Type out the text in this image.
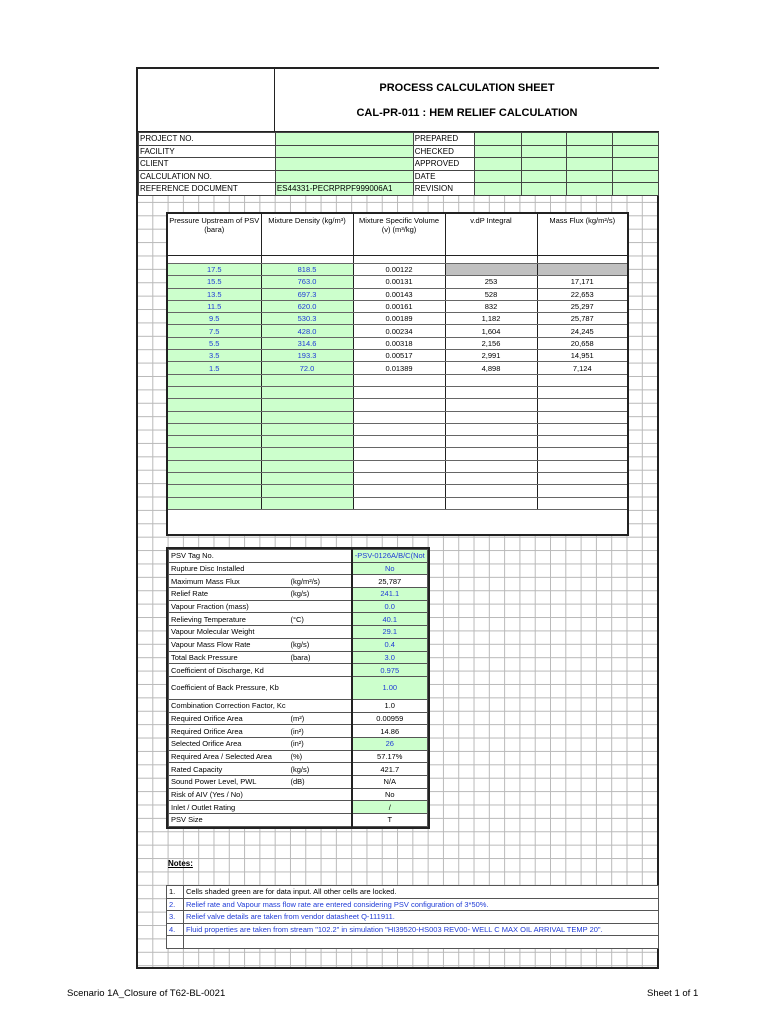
PROCESS CALCULATION SHEET
CAL-PR-011 : HEM RELIEF CALCULATION
PROJECT NO.		PREPARED				
FACILITY		CHECKED				
CLIENT		APPROVED				
CALCULATION NO.		DATE				
REFERENCE DOCUMENT	ES44331-PECRPRPF999006A1	REVISION				
Pressure Upstream of PSV (bara)	Mixture Density (kg/m³)	Mixture Specific Volume (v) (m³/kg)	v.dP Integral	Mass Flux (kg/m²/s)

17.5	818.5	0.00122		
15.5	763.0	0.00131	253	17,171
13.5	697.3	0.00143	528	22,653
11.5	620.0	0.00161	832	25,297
9.5	530.3	0.00189	1,182	25,787
7.5	428.0	0.00234	1,604	24,245
5.5	314.6	0.00318	2,156	20,658
3.5	193.3	0.00517	2,991	14,951
1.5	72.0	0.01389	4,898	7,124

PSV Tag No.		-PSV-0126A/B/C(Not
Rupture Disc Installed		No
Maximum Mass Flux	(kg/m²/s)	25,787
Relief Rate	(kg/s)	241.1
Vapour Fraction (mass)		0.0
Relieving Temperature	(°C)	40.1
Vapour Molecular Weight		29.1
Vapour Mass Flow Rate	(kg/s)	0.4
Total Back Pressure	(bara)	3.0
Coefficient of Discharge, Kd		0.975
Coefficient of Back Pressure, Kb		1.00
Combination Correction Factor, Kc		1.0
Required Orifice Area	(m²)	0.00959
Required Orifice Area	(in²)	14.86
Selected Orifice Area	(in²)	26
Required Area / Selected Area	(%)	57.17%
Rated Capacity	(kg/s)	421.7
Sound Power Level, PWL	(dB)	N/A
Risk of AIV (Yes / No)		No
Inlet / Outlet Rating		/
PSV Size		T
Notes:
1.	Cells shaded green are for data input. All other cells are locked.
2.	Relief rate and Vapour mass flow rate are entered considering PSV configuration of 3*50%.
3.	Relief valve details are taken from vendor datasheet Q-111911.
4.	Fluid properties are taken from stream "102.2" in simulation "HI39520-HS003 REV00- WELL C MAX OIL ARRIVAL TEMP 20".

Scenario 1A_Closure of T62-BL-0021	Sheet 1 of 1
